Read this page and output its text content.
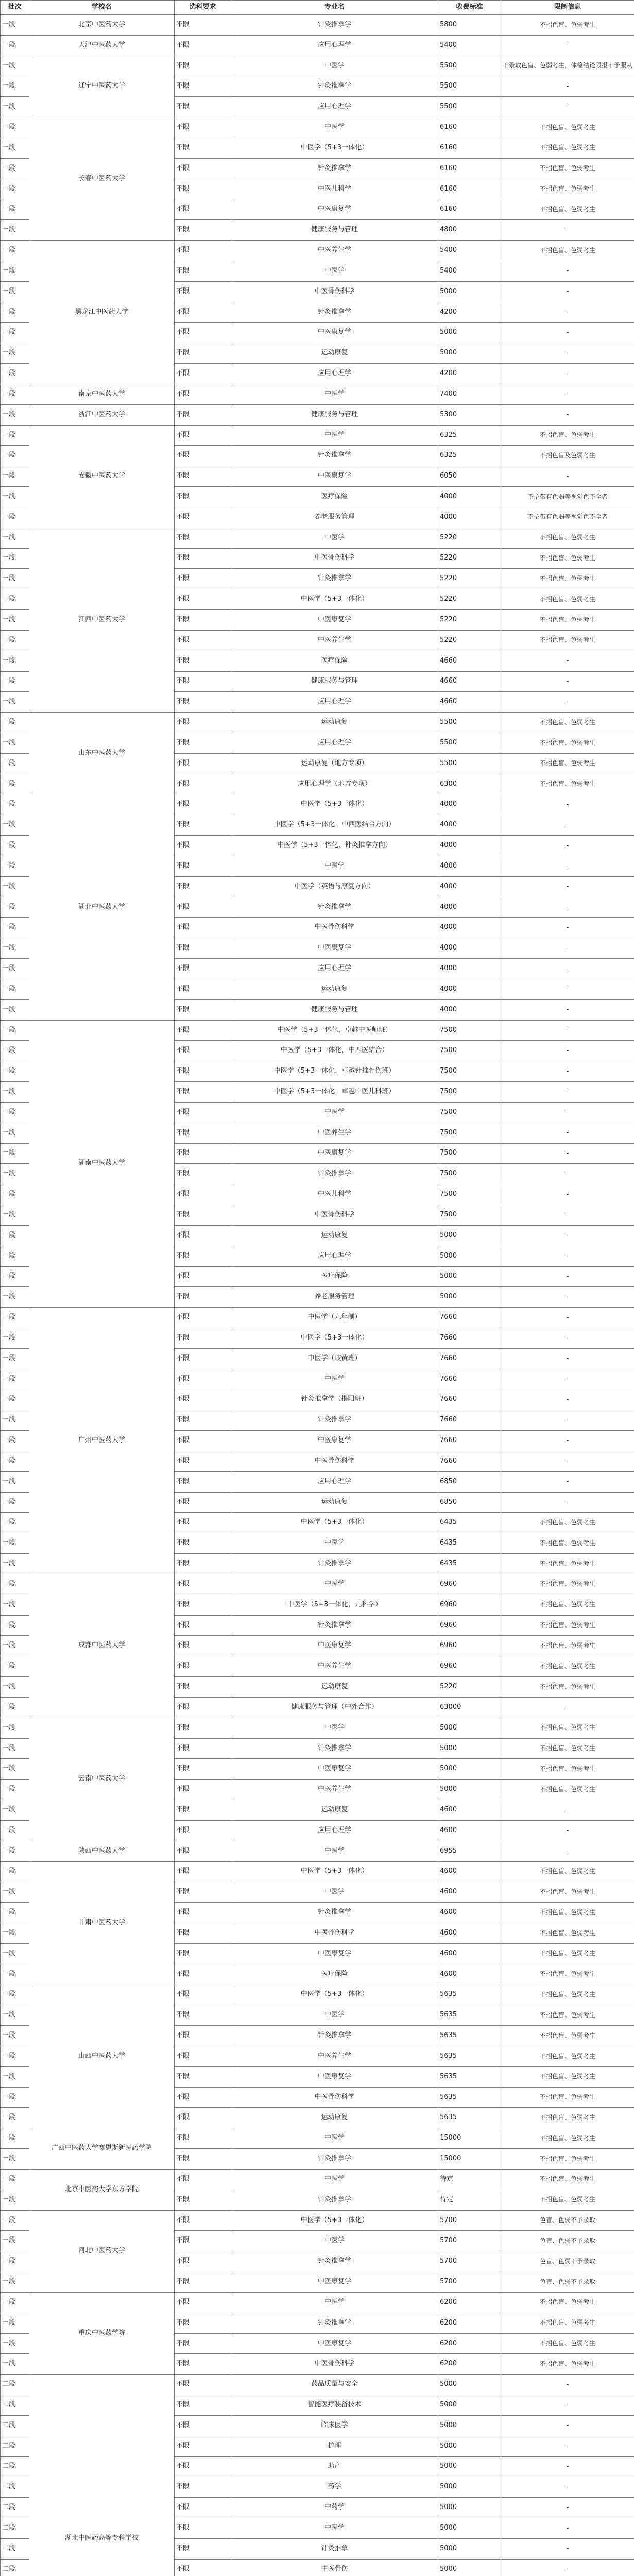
批次	学校名	选科要求	专业名	收费标准	限制信息
一段	北京中医药大学	不限	针灸推拿学	5800	不招色盲、色弱考生
一段	天津中医药大学	不限	应用心理学	5400	-
一段	辽宁中医药大学	不限	中医学	5500	不录取色盲、色弱考生，体检结论限报不予服从
一段		不限	针灸推拿学	5500	-
一段		不限	应用心理学	5500	-
一段	长春中医药大学	不限	中医学	6160	不招色盲、色弱考生
一段		不限	中医学（5+3一体化）	6160	不招色盲、色弱考生
一段		不限	针灸推拿学	6160	不招色盲、色弱考生
一段		不限	中医儿科学	6160	不招色盲、色弱考生
一段		不限	中医康复学	6160	不招色盲、色弱考生
一段		不限	健康服务与管理	4800	-
一段	黑龙江中医药大学	不限	中医养生学	5400	不招色盲、色弱考生
一段		不限	中医学	5400	-
一段		不限	中医骨伤科学	5000	-
一段		不限	针灸推拿学	4200	-
一段		不限	中医康复学	5000	-
一段		不限	运动康复	5000	-
一段		不限	应用心理学	4200	-
一段	南京中医药大学	不限	中医学	7400	-
一段	浙江中医药大学	不限	健康服务与管理	5300	-
一段	安徽中医药大学	不限	中医学	6325	不招色盲、色弱考生
一段		不限	针灸推拿学	6325	不招色盲及色弱考生
一段		不限	中医康复学	6050	-
一段		不限	医疗保险	4000	不招带有色弱等视觉色不全者
一段		不限	养老服务管理	4000	不招带有色弱等视觉色不全者
一段	江西中医药大学	不限	中医学	5220	不招色盲、色弱考生
一段		不限	中医骨伤科学	5220	不招色盲、色弱考生
一段		不限	针灸推拿学	5220	不招色盲、色弱考生
一段		不限	中医学（5+3一体化）	5220	不招色盲、色弱考生
一段		不限	中医康复学	5220	不招色盲、色弱考生
一段		不限	中医养生学	5220	不招色盲、色弱考生
一段		不限	医疗保险	4660	-
一段		不限	健康服务与管理	4660	-
一段		不限	应用心理学	4660	-
一段	山东中医药大学	不限	运动康复	5500	不招色盲、色弱考生
一段		不限	应用心理学	5500	不招色盲、色弱考生
一段		不限	运动康复（地方专项）	5500	不招色盲、色弱考生
一段		不限	应用心理学（地方专项）	6300	不招色盲、色弱考生
一段	湖北中医药大学	不限	中医学（5+3一体化）	4000	-
一段		不限	中医学（5+3一体化，中西医结合方向）	4000	-
一段		不限	中医学（5+3一体化，针灸推拿方向）	4000	-
一段		不限	中医学	4000	-
一段		不限	中医学（英语与康复方向）	4000	-
一段		不限	针灸推拿学	4000	-
一段		不限	中医骨伤科学	4000	-
一段		不限	中医康复学	4000	-
一段		不限	应用心理学	4000	-
一段		不限	运动康复	4000	-
一段		不限	健康服务与管理	4000	-
一段	湖南中医药大学	不限	中医学（5+3一体化，卓越中医师班）	7500	-
一段		不限	中医学（5+3一体化，中西医结合）	7500	-
一段		不限	中医学（5+3一体化，卓越针推骨伤班）	7500	-
一段		不限	中医学（5+3一体化，卓越中医儿科班）	7500	-
一段		不限	中医学	7500	-
一段		不限	中医养生学	7500	-
一段		不限	中医康复学	7500	-
一段		不限	针灸推拿学	7500	-
一段		不限	中医儿科学	7500	-
一段		不限	中医骨伤科学	7500	-
一段		不限	运动康复	5000	-
一段		不限	应用心理学	5000	-
一段		不限	医疗保险	5000	-
一段		不限	养老服务管理	5000	-
一段	广州中医药大学	不限	中医学（九年制）	7660	-
一段		不限	中医学（5+3一体化）	7660	-
一段		不限	中医学（岐黄班）	7660	-
一段		不限	中医学	7660	-
一段		不限	针灸推拿学（揭阳班）	7660	-
一段		不限	针灸推拿学	7660	-
一段		不限	中医康复学	7660	-
一段		不限	中医骨伤科学	7660	-
一段		不限	应用心理学	6850	-
一段		不限	运动康复	6850	-
一段		不限	中医学（5+3一体化）	6435	不招色盲、色弱考生
一段		不限	中医学	6435	不招色盲、色弱考生
一段		不限	针灸推拿学	6435	不招色盲、色弱考生
一段	成都中医药大学	不限	中医学	6960	不招色盲、色弱考生
一段		不限	中医学（5+3一体化，儿科学）	6960	不招色盲、色弱考生
一段		不限	针灸推拿学	6960	不招色盲、色弱考生
一段		不限	中医康复学	6960	不招色盲、色弱考生
一段		不限	中医养生学	6960	不招色盲、色弱考生
一段		不限	运动康复	5220	不招色盲、色弱考生
一段		不限	健康服务与管理（中外合作）	63000	-
一段	云南中医药大学	不限	中医学	5000	不招色盲、色弱考生
一段		不限	针灸推拿学	5000	不招色盲、色弱考生
一段		不限	中医康复学	5000	不招色盲、色弱考生
一段		不限	中医养生学	5000	不招色盲、色弱考生
一段		不限	运动康复	4600	-
一段		不限	应用心理学	4600	-
一段	陕西中医药大学	不限	中医学	6955	-
一段	甘肃中医药大学	不限	中医学（5+3一体化）	4600	不招色盲、色弱考生
一段		不限	中医学	4600	不招色盲、色弱考生
一段		不限	针灸推拿学	4600	不招色盲、色弱考生
一段		不限	中医骨伤科学	4600	不招色盲、色弱考生
一段		不限	中医康复学	4600	不招色盲、色弱考生
一段		不限	医疗保险	4600	不招色盲、色弱考生
一段	山西中医药大学	不限	中医学（5+3一体化）	5635	不招色盲、色弱考生
一段		不限	中医学	5635	不招色盲、色弱考生
一段		不限	针灸推拿学	5635	不招色盲、色弱考生
一段		不限	中医养生学	5635	不招色盲、色弱考生
一段		不限	中医康复学	5635	不招色盲、色弱考生
一段		不限	中医骨伤科学	5635	不招色盲、色弱考生
一段		不限	运动康复	5635	不招色盲、色弱考生
一段	广西中医药大学赛恩斯新医药学院	不限	中医学	15000	不招色盲、色弱考生
一段		不限	针灸推拿学	15000	不招色盲、色弱考生
一段	北京中医药大学东方学院	不限	中医学	待定	不招色盲、色弱考生
一段		不限	针灸推拿学	待定	不招色盲、色弱考生
一段	河北中医药大学	不限	中医学（5+3一体化）	5700	色盲、色弱不予录取
一段		不限	中医学	5700	色盲、色弱不予录取
一段		不限	针灸推拿学	5700	色盲、色弱不予录取
一段		不限	中医康复学	5700	色盲、色弱不予录取
一段	重庆中医药学院	不限	中医学	6200	不招色盲、色弱考生
一段		不限	针灸推拿学	6200	不招色盲、色弱考生
一段		不限	中医康复学	6200	不招色盲、色弱考生
一段		不限	中医骨伤科学	6200	不招色盲、色弱考生
二段	湖北中医药高等专科学校	不限	药品质量与安全	5000	-
二段		不限	智能医疗装备技术	5000	-
二段		不限	临床医学	5000	-
二段		不限	护理	5000	-
二段		不限	助产	5000	-
二段		不限	药学	5000	-
二段		不限	中药学	5000	-
二段		不限	中医学	5000	-
二段		不限	针灸推拿	5000	-
二段		不限	中医骨伤	5000	-
